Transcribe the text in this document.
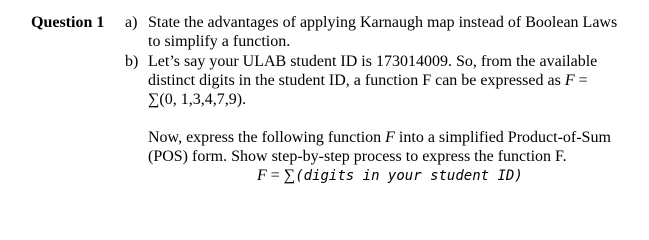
Question 1 a) State the advantages of applying Karnaugh map instead of Boolean Laws
to simplify a function.
b) Let’s say your ULAB student ID is 173014009. So, from the available
distinct digits in the student ID, a function F can be expressed as F =
∑(0, 1,3,4,7,9).
Now, express the following function F into a simplified Product-of-Sum
(POS) form. Show step-by-step process to express the function F.
F = ∑(digits in your student ID)
